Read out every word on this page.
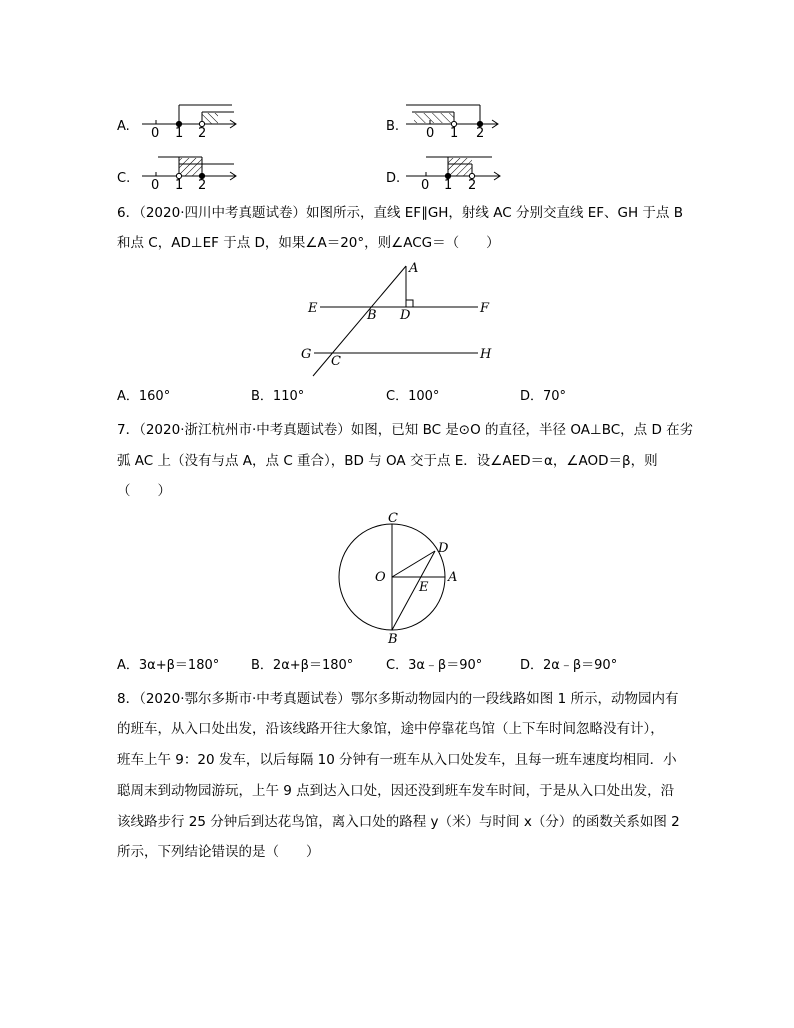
A. 0 1 2	B. 0 1 2
C. 0 1 2	D. 0 1 2
6．（2020·四川中考真题试卷）如图所示，直线 EF∥GH，射线 AC 分别交直线 EF、GH 于点 B
和点 C，AD⊥EF 于点 D，如果∠A＝20°，则∠ACG＝（　　）
A
E	B D	F
G C	H
A．160°	B．110°	C．100°	D．70°
7．（2020·浙江杭州市·中考真题试卷）如图，已知 BC 是⊙O 的直径，半径 OA⊥BC，点 D 在劣
弧 AC 上（没有与点 A，点 C 重合），BD 与 OA 交于点 E．设∠AED＝α，∠AOD＝β，则
（　　）
C
D
O
E
A
B
A．3α+β＝180° B．2α+β＝180°	C．3α﹣β＝90°	D．2α﹣β＝90°
8．（2020·鄂尔多斯市·中考真题试卷）鄂尔多斯动物园内的一段线路如图 1 所示，动物园内有
的班车，从入口处出发，沿该线路开往大象馆，途中停靠花鸟馆（上下车时间忽略没有计），
班车上午 9：20 发车，以后每隔 10 分钟有一班车从入口处发车，且每一班车速度均相同．小
聪周末到动物园游玩，上午 9 点到达入口处，因还没到班车发车时间，于是从入口处出发，沿
该线路步行 25 分钟后到达花鸟馆，离入口处的路程 y（米）与时间 x（分）的函数关系如图 2
所示，下列结论错误的是（　　）
